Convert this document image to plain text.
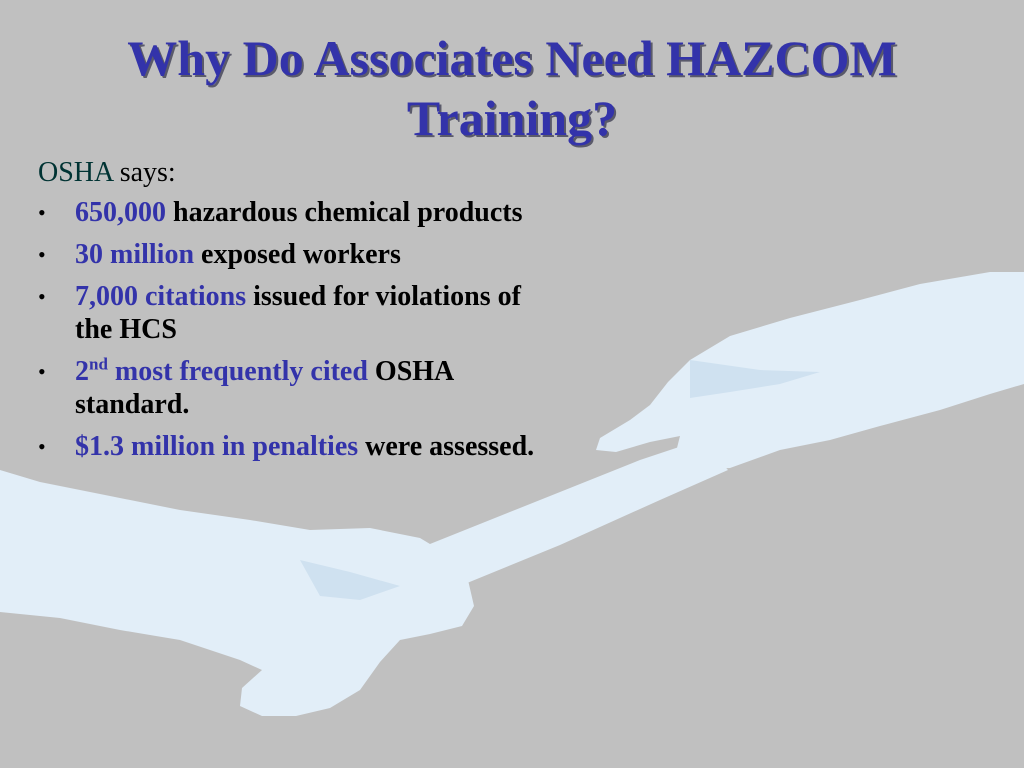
Why Do Associates Need HAZCOM Training?

OSHA says:

• 650,000 hazardous chemical products
• 30 million exposed workers
• 7,000 citations issued for violations of the HCS
• 2nd most frequently cited OSHA standard.
• $1.3 million in penalties were assessed.
